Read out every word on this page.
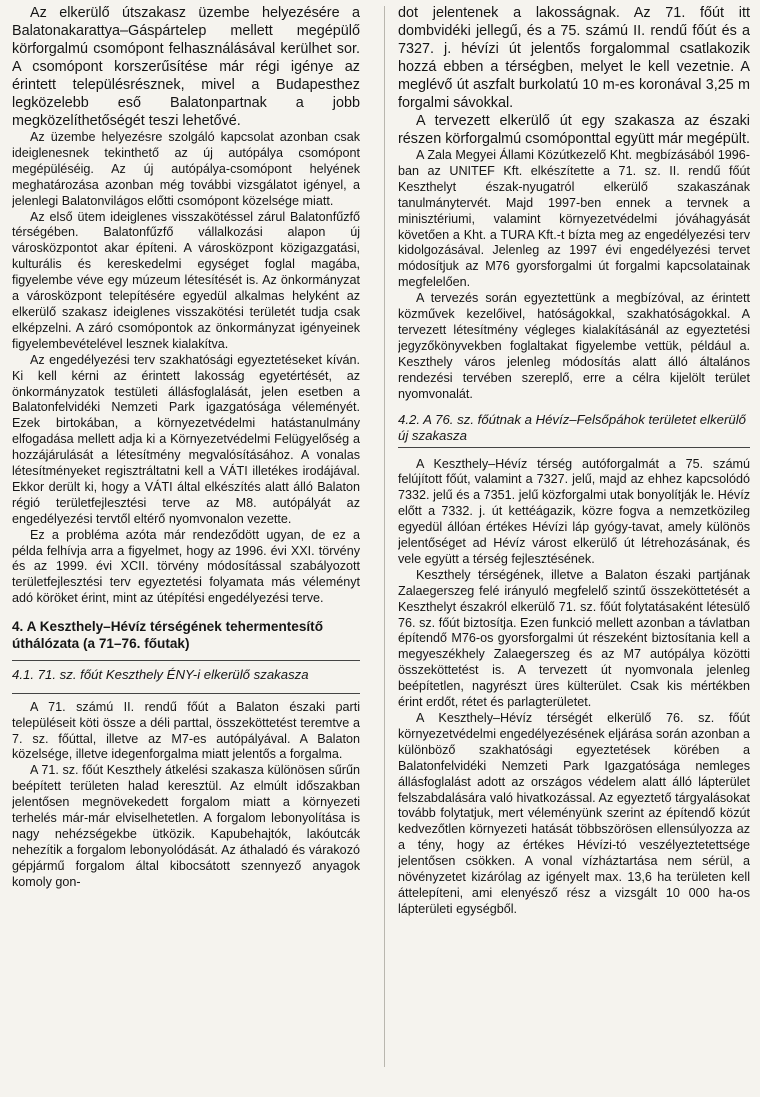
Az elkerülő útszakasz üzembe helyezésére a Balatonakarattya–Gáspártelep mellett megépülő körforgalmú csomópont felhasználásával kerülhet sor. A csomópont korszerűsítése már régi igénye az érintett településrésznek, mivel a Budapesthez legközelebb eső Balatonpartnak a jobb megközelíthetőségét teszi lehetővé.

Az üzembe helyezésre szolgáló kapcsolat azonban csak ideiglenesnek tekinthető az új autópálya csomópont megépüléséig. Az új autópálya-csomópont helyének meghatározása azonban még további vizsgálatot igényel, a jelenlegi Balatonvilágos előtti csomópont közelsége miatt.

Az első ütem ideiglenes visszakötéssel zárul Balatonfűzfő térségében. Balatonfűzfő vállalkozási alapon új városközpontot akar építeni. A városközpont közigazgatási, kulturális és kereskedelmi egységet foglal magába, figyelembe véve egy múzeum létesítését is. Az önkormányzat a városközpont telepítésére egyedül alkalmas helyként az elkerülő szakasz ideiglenes visszakötési területét tudja csak elképzelni. A záró csomópontok az önkormányzat igényeinek figyelembevételével lesznek kialakítva.

Az engedélyezési terv szakhatósági egyeztetéseket kíván. Ki kell kérni az érintett lakosság egyetértését, az önkormányzatok testületi állásfoglalását, jelen esetben a Balatonfelvidéki Nemzeti Park igazgatósága véleményét. Ezek birtokában, a környezetvédelmi hatástanulmány elfogadása mellett adja ki a Környezetvédelmi Felügyelőség a hozzájárulását a létesítmény megvalósításához. A vonalas létesítményeket regisztráltatni kell a VÁTI illetékes irodájával. Ekkor derült ki, hogy a VÁTI által elkészítés alatt álló Balaton régió területfejlesztési terve az M8. autópályát az engedélyezési tervtől eltérő nyomvonalon vezette.

Ez a probléma azóta már rendeződött ugyan, de ez a példa felhívja arra a figyelmet, hogy az 1996. évi XXI. törvény és az 1999. évi XCII. törvény módosítással szabályozott területfejlesztési terv egyeztetési folyamata más véleményt adó köröket érint, mint az útépítési engedélyezési terve.

4. A Keszthely–Hévíz térségének tehermentesítő úthálózata (a 71–76. főutak)
4.1. 71. sz. főút Keszthely ÉNY-i elkerülő szakasza

A 71. számú II. rendű főút a Balaton északi parti településeit köti össze a déli parttal, összeköttetést teremtve a 7. sz. főúttal, illetve az M7-es autópályával. A Balaton közelsége, illetve idegenforgalma miatt jelentős a forgalma.

A 71. sz. főút Keszthely átkelési szakasza különösen sűrűn beépített területen halad keresztül. Az elmúlt időszakban jelentősen megnövekedett forgalom miatt a környezeti terhelés már-már elviselhetetlen. A forgalom lebonyolítása is nagy nehézségekbe ütközik. Kapubehajtók, lakóutcák nehezítik a forgalom lebonyolódását. Az áthaladó és várakozó gépjármű forgalom által kibocsátott szennyező anyagok komoly gon-

dot jelentenek a lakosságnak. Az 71. főút itt dombvidéki jellegű, és a 75. számú II. rendű főút és a 7327. j. hévízi út jelentős forgalommal csatlakozik hozzá ebben a térségben, melyet le kell vezetnie. A meglévő út aszfalt burkolatú 10 m-es koronával 3,25 m forgalmi sávokkal.

A tervezett elkerülő út egy szakasza az északi részen körforgalmú csomóponttal együtt már megépült.

A Zala Megyei Állami Közútkezelő Kht. megbízásából 1996-ban az UNITEF Kft. elkészítette a 71. sz. II. rendű főút Keszthelyt észak-nyugatról elkerülő szakaszának tanulmánytervét. Majd 1997-ben ennek a tervnek a minisztériumi, valamint környezetvédelmi jóváhagyását követően a Kht. a TURA Kft.-t bízta meg az engedélyezési terv kidolgozásával. Jelenleg az 1997 évi engedélyezési tervet módosítjuk az M76 gyorsforgalmi út forgalmi kapcsolatainak megfelelően.

A tervezés során egyeztettünk a megbízóval, az érintett közművek kezelőivel, hatóságokkal, szakhatóságokkal. A tervezett létesítmény végleges kialakításánál az egyeztetési jegyzőkönyvekben foglaltakat figyelembe vettük, például a. Keszthely város jelenleg módosítás alatt álló általános rendezési tervében szereplő, erre a célra kijelölt terület nyomvonalát.

4.2. A 76. sz. főútnak a Hévíz–Felsőpáhok területet elkerülő új szakasza

A Keszthely–Hévíz térség autóforgalmát a 75. számú felújított főút, valamint a 7327. jelű, majd az ehhez kapcsolódó 7332. jelű és a 7351. jelű közforgalmi utak bonyolítják le. Hévíz előtt a 7332. j. út kettéágazik, közre fogva a nemzetközileg egyedül állóan értékes Hévízi láp gyógy-tavat, amely különös jelentőséget ad Hévíz várost elkerülő út létrehozásának, és vele együtt a térség fejlesztésének.

Keszthely térségének, illetve a Balaton északi partjának Zalaegerszeg felé irányuló megfelelő szintű összeköttetését a Keszthelyt északról elkerülő 71. sz. főút folytatásaként létesülő 76. sz. főút biztosítja. Ezen funkció mellett azonban a távlatban építendő M76-os gyorsforgalmi út részeként biztosítania kell a megyeszékhely Zalaegerszeg és az M7 autópálya közötti összeköttetést is. A tervezett út nyomvonala jelenleg beépítetlen, nagyrészt üres külterület. Csak kis mértékben érint erdőt, rétet és parlagterületet.

A Keszthely–Hévíz térségét elkerülő 76. sz. főút környezetvédelmi engedélyezésének eljárása során azonban a különböző szakhatósági egyeztetések körében a Balatonfelvidéki Nemzeti Park Igazgatósága nemleges állásfoglalást adott az országos védelem alatt álló lápterület felszabdalására való hivatkozással. Az egyeztető tárgyalásokat tovább folytatjuk, mert véleményünk szerint az építendő közút kedvezőtlen környezeti hatását többszörösen ellensúlyozza az a tény, hogy az értékes Hévízi-tó veszélyeztetettsége jelentősen csökken. A vonal vízháztartása nem sérül, a növényzetet kizárólag az igényelt max. 13,6 ha területen kell áttelepíteni, ami elenyésző rész a vizsgált 10 000 ha-os lápterületi egységből.
